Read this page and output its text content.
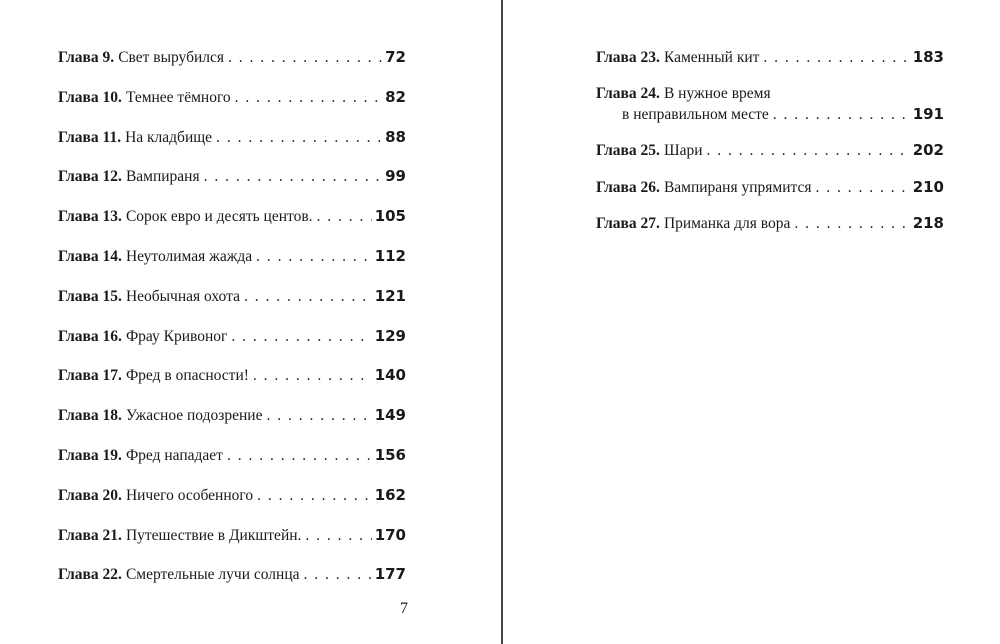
Глава 9. Свет вырубился . . .	72
Глава 10. Темнее тёмного . . .	82
Глава 11. На кладбище . . .	88
Глава 12. Вампираня . . .	99
Глава 13. Сорок евро и десять центов. . . .	105
Глава 14. Неутолимая жажда . . .	112
Глава 15. Необычная охота . . .	121
Глава 16. Фрау Кривоног . . .	129
Глава 17. Фред в опасности! . . .	140
Глава 18. Ужасное подозрение . . .	149
Глава 19. Фред нападает . . .	156
Глава 20. Ничего особенного . . .	162
Глава 21. Путешествие в Дикштейн. . . .	170
Глава 22. Смертельные лучи солнца . . .	177
7
Глава 23. Каменный кит . . .	183
Глава 24. В нужное время
в неправильном месте . . .	191
Глава 25. Шари . . .	202
Глава 26. Вампираня упрямится . . .	210
Глава 27. Приманка для вора . . .	218
